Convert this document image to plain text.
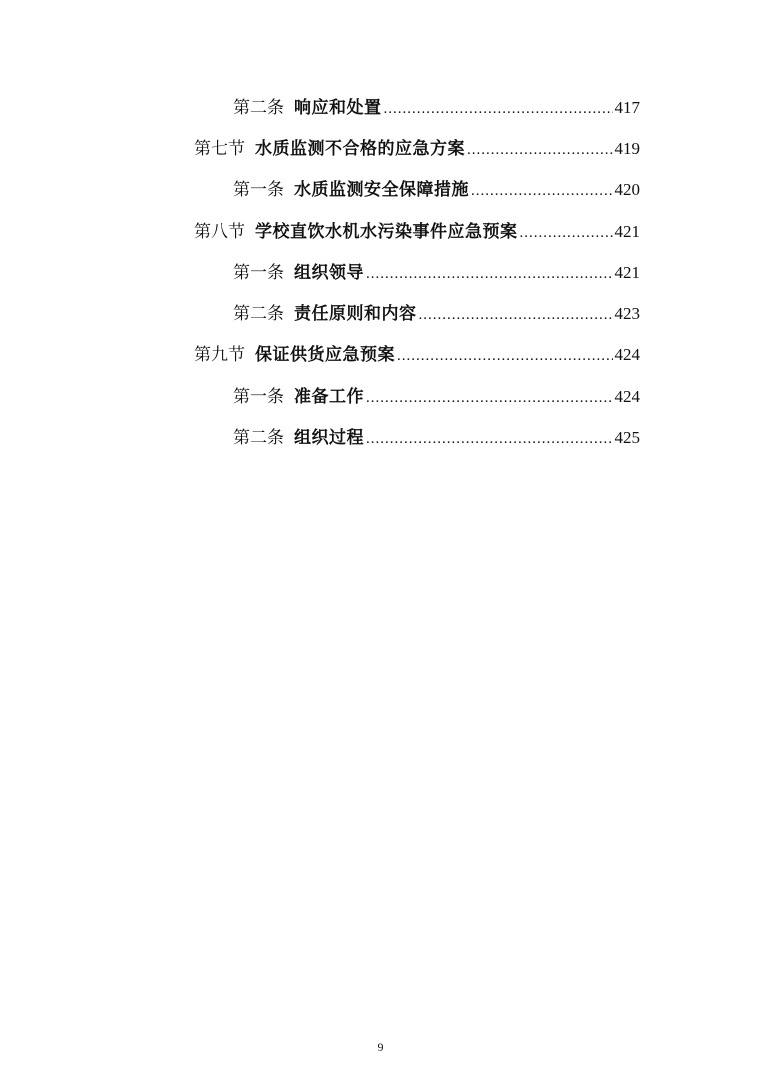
第二条 响应和处置 .....	417
第七节 水质监测不合格的应急方案 .....	419
第一条 水质监测安全保障措施 .....	420
第八节 学校直饮水机水污染事件应急预案 .....	421
第一条 组织领导 .....	421
第二条 责任原则和内容 .....	423
第九节 保证供货应急预案 .....	424
第一条 准备工作 .....	424
第二条 组织过程 .....	425
9
